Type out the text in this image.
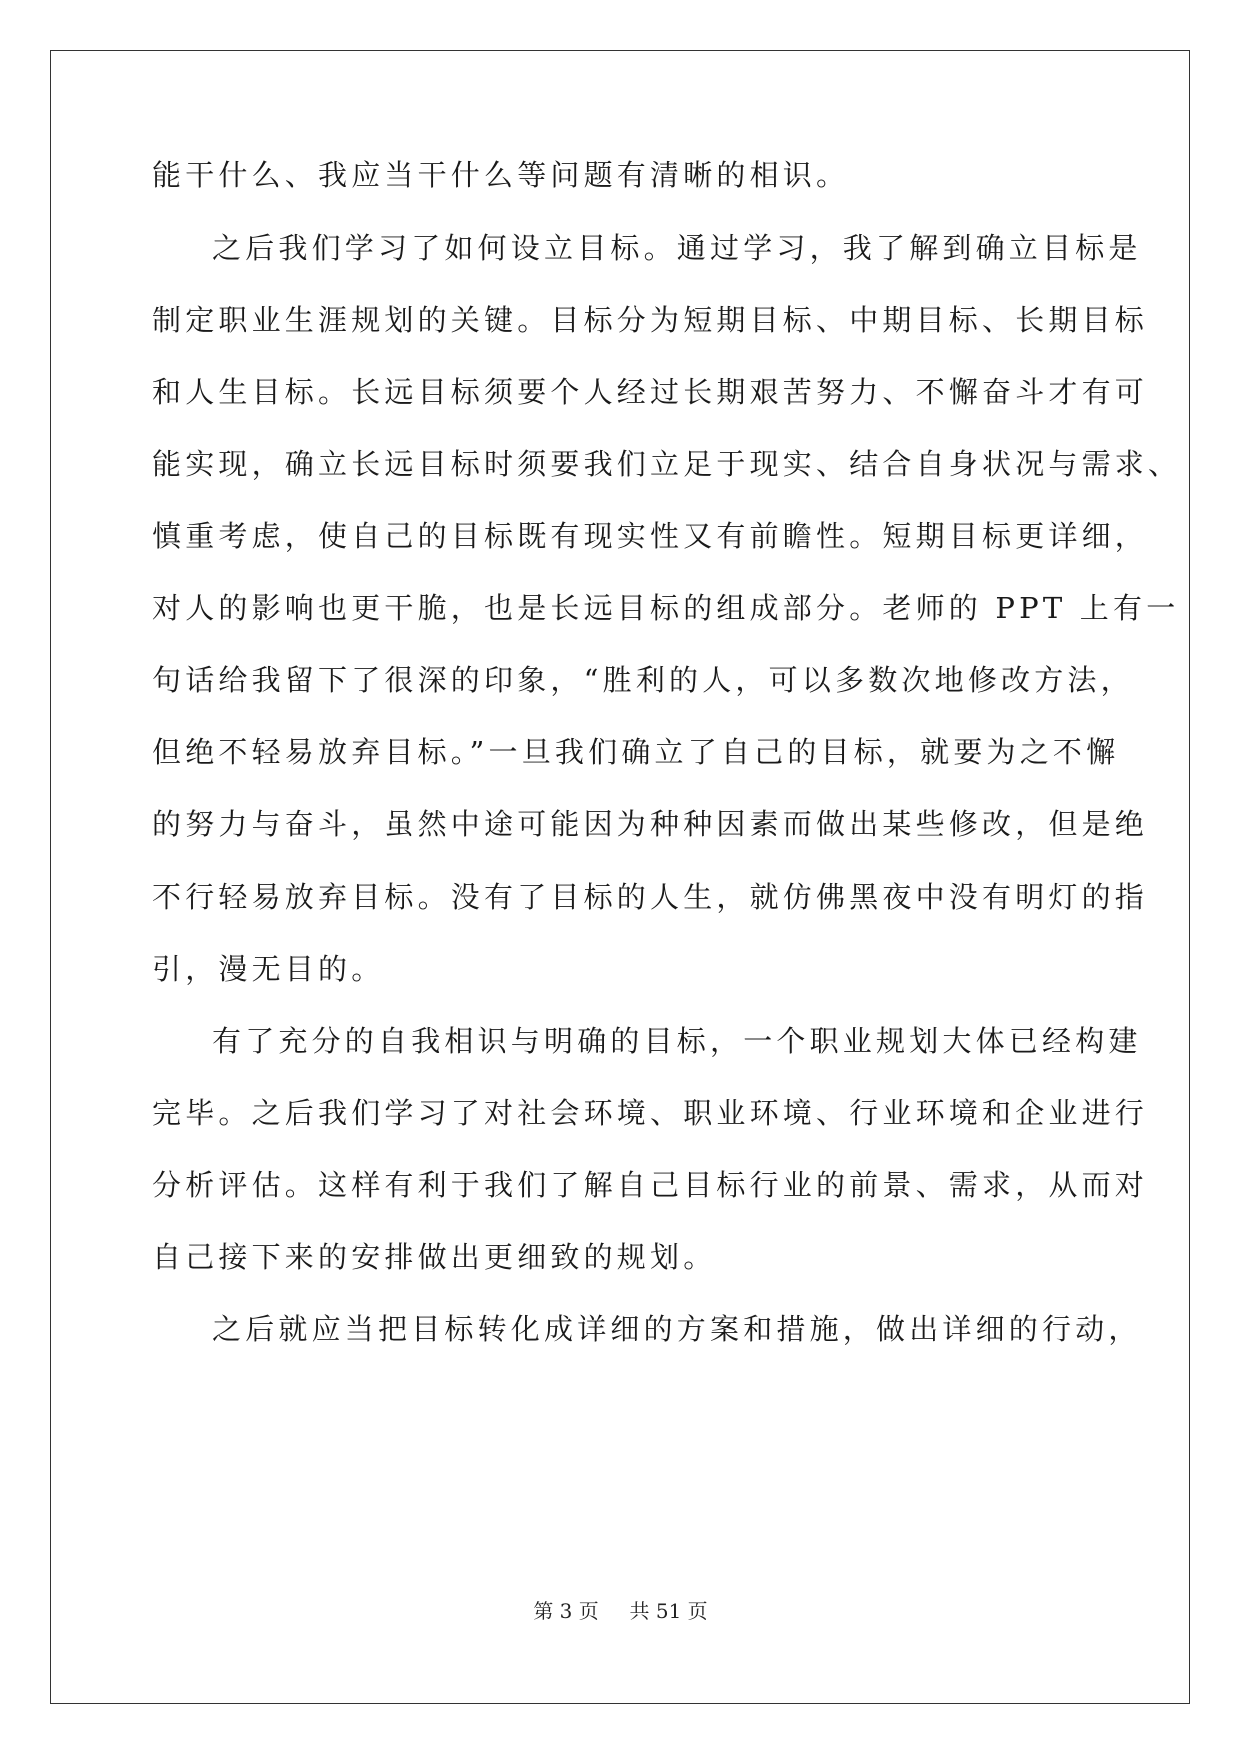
能干什么、我应当干什么等问题有清晰的相识。

之后我们学习了如何设立目标。通过学习，我了解到确立目标是

制定职业生涯规划的关键。目标分为短期目标、中期目标、长期目标

和人生目标。长远目标须要个人经过长期艰苦努力、不懈奋斗才有可

能实现，确立长远目标时须要我们立足于现实、结合自身状况与需求、

慎重考虑，使自己的目标既有现实性又有前瞻性。短期目标更详细，

对人的影响也更干脆，也是长远目标的组成部分。老师的 PPT 上有一

句话给我留下了很深的印象，“胜利的人，可以多数次地修改方法，

但绝不轻易放弃目标。”一旦我们确立了自己的目标，就要为之不懈

的努力与奋斗，虽然中途可能因为种种因素而做出某些修改，但是绝

不行轻易放弃目标。没有了目标的人生，就仿佛黑夜中没有明灯的指

引，漫无目的。

有了充分的自我相识与明确的目标，一个职业规划大体已经构建

完毕。之后我们学习了对社会环境、职业环境、行业环境和企业进行

分析评估。这样有利于我们了解自己目标行业的前景、需求，从而对

自己接下来的安排做出更细致的规划。

之后就应当把目标转化成详细的方案和措施，做出详细的行动，

第 3 页 共 51 页
